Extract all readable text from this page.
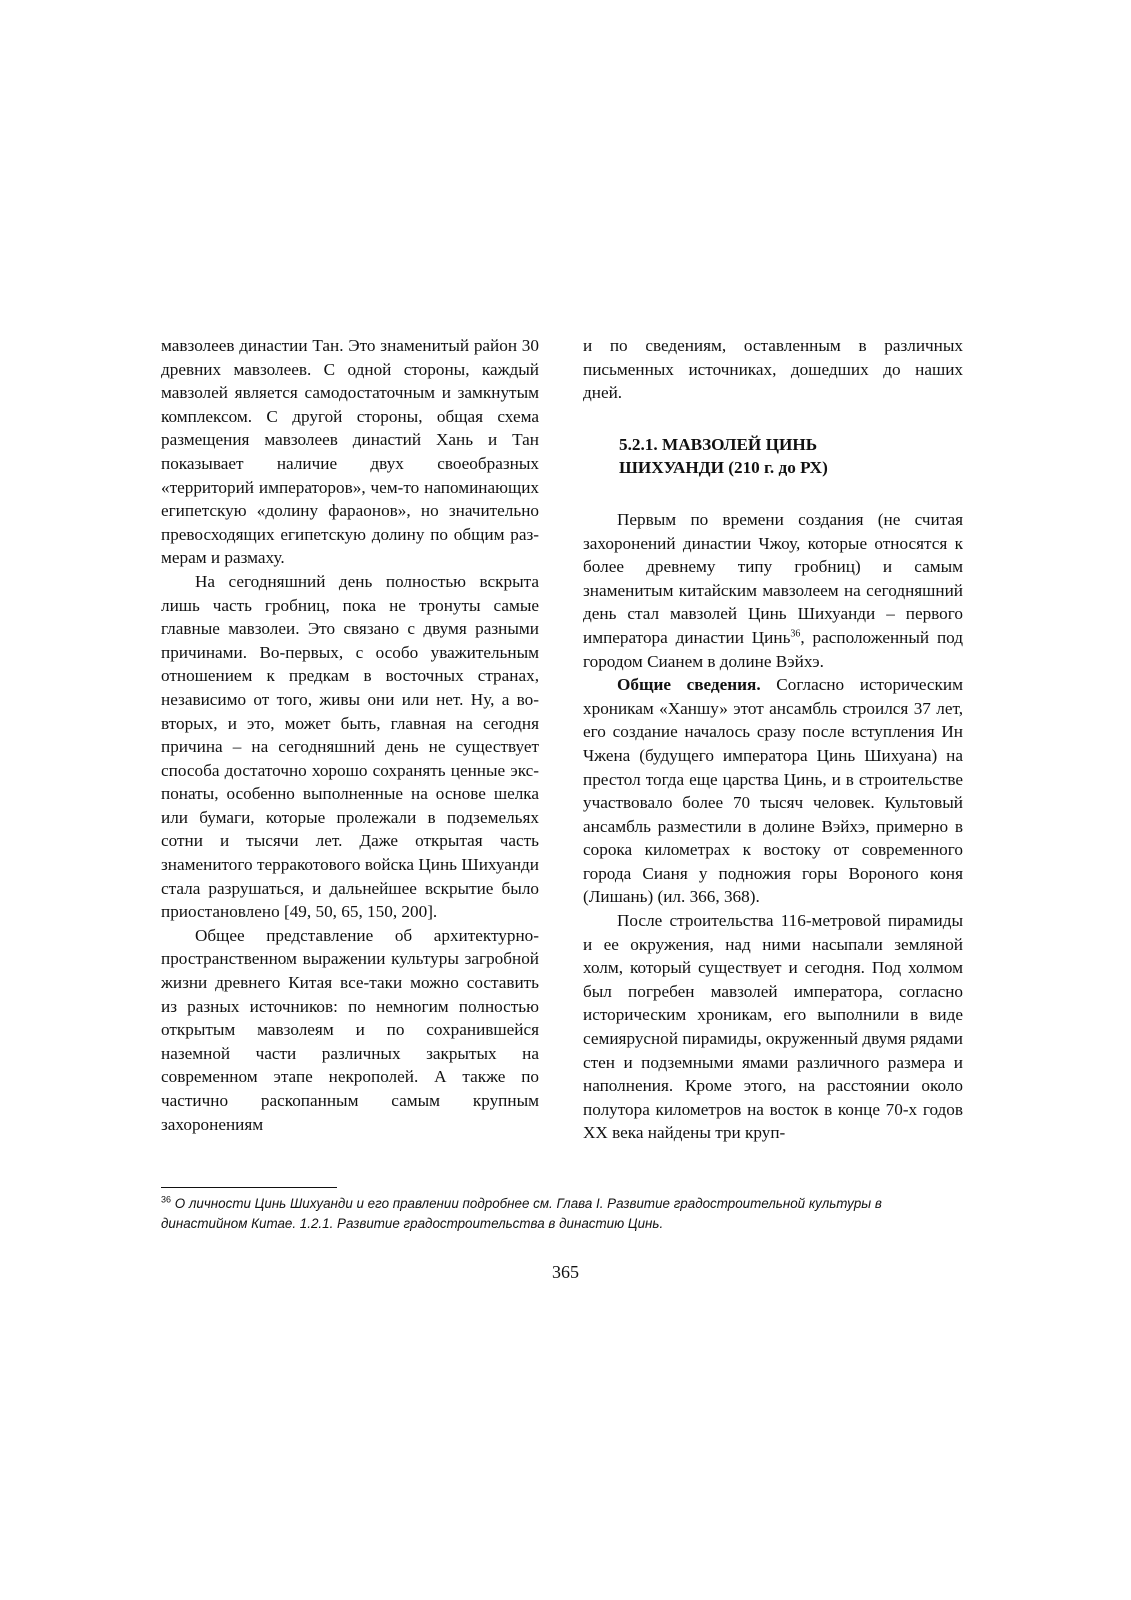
мавзолеев династии Тан. Это знаменитый район 30 древних мавзолеев. С одной стороны, каждый мавзолей является самодостаточным и замкнутым комплексом. С другой стороны, общая схема размещения мавзолеев династий Хань и Тан показывает наличие двух своеобразных «территорий императоров», чем-то напоминающих египетскую «долину фараонов», но значительно превосходящих египетскую долину по общим размерам и размаху.

На сегодняшний день полностью вскрыта лишь часть гробниц, пока не тронуты самые главные мавзолеи. Это связано с двумя разными причинами. Во-первых, с особо уважительным отношением к предкам в восточных странах, независимо от того, живы они или нет. Ну, а во-вторых, и это, может быть, главная на сегодня причина – на сегодняшний день не существует способа достаточно хорошо сохранять ценные экспонаты, особенно выполненные на основе шелка или бумаги, которые пролежали в подземельях сотни и тысячи лет. Даже открытая часть знаменитого терракотового войска Цинь Шихуанди стала разрушаться, и дальнейшее вскрытие было приостановлено [49, 50, 65, 150, 200].

Общее представление об архитектурно-пространственном выражении культуры загробной жизни древнего Китая все-таки можно составить из разных источников: по немногим полностью открытым мавзолеям и по сохранившейся наземной части различных закрытых на современном этапе некрополей. А также по частично раскопанным самым крупным захоронениям

и по сведениям, оставленным в различных письменных источниках, дошедших до наших дней.

5.2.1. МАВЗОЛЕЙ ЦИНЬ
ШИХУАНДИ (210 г. до РХ)

Первым по времени создания (не считая захоронений династии Чжоу, которые относятся к более древнему типу гробниц) и самым знаменитым китайским мавзолеем на сегодняшний день стал мавзолей Цинь Шихуанди – первого императора династии Цинь$^{36}$, расположенный под городом Сианем в долине Вэйхэ.

Общие сведения. Согласно историческим хроникам «Ханшу» этот ансамбль строился 37 лет, его создание началось сразу после вступления Ин Чжена (будущего императора Цинь Шихуана) на престол тогда еще царства Цинь, и в строительстве участвовало более 70 тысяч человек. Культовый ансамбль разместили в долине Вэйхэ, примерно в сорока километрах к востоку от современного города Сианя у подножия горы Вороного коня (Лишань) (ил. 366, 368).

После строительства 116-метровой пирамиды и ее окружения, над ними насыпали земляной холм, который существует и сегодня. Под холмом был погребен мавзолей императора, согласно историческим хроникам, его выполнили в виде семиярусной пирамиды, окруженный двумя рядами стен и подземными ямами различного размера и наполнения. Кроме этого, на расстоянии около полутора километров на восток в конце 70-х годов XX века найдены три круп-

$^{36}$ О личности Цинь Шихуанди и его правлении подробнее см. Глава I. Развитие градостроительной культуры в династийном Китае. 1.2.1. Развитие градостроительства в династию Цинь.
365
